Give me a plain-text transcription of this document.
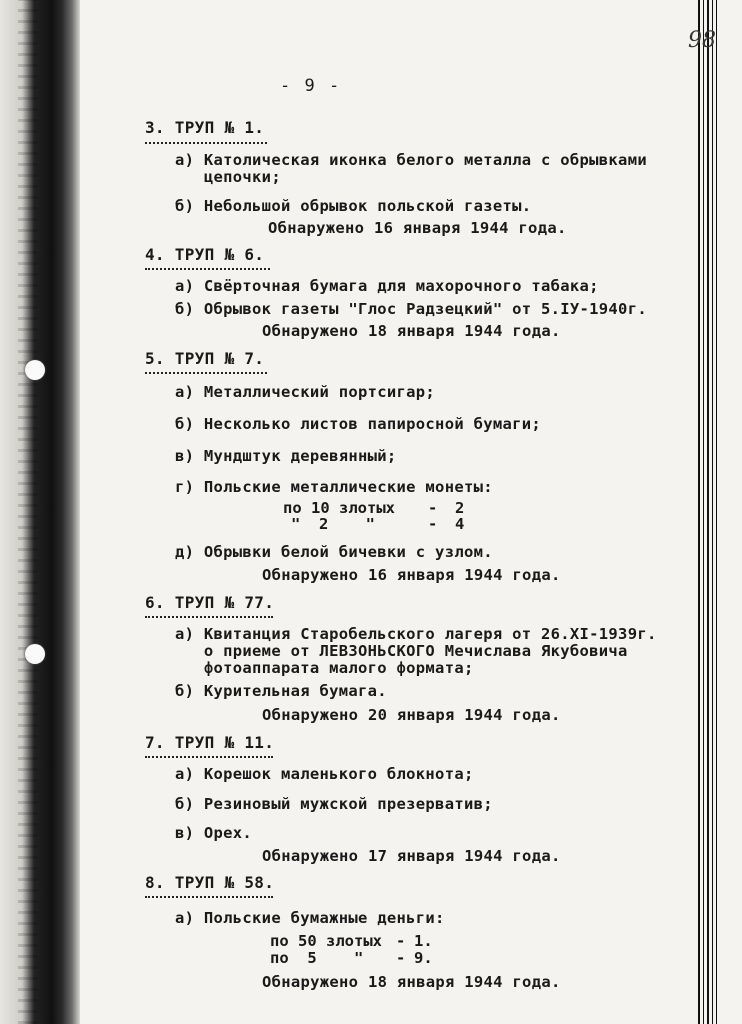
98
- 9 -
3. ТРУП № 1.
а) Католическая иконка белого металла с обрывками
цепочки;
б) Небольшой обрывок польской газеты.
Обнаружено 16 января 1944 года.
4. ТРУП № 6.
а) Свёрточная бумага для махорочного табака;
б) Обрывок газеты "Глос Радзецкий" от 5.IУ-1940г.
Обнаружено 18 января 1944 года.
5. ТРУП № 7.
а) Металлический портсигар;
б) Несколько листов папиросной бумаги;
в) Мундштук деревянный;
г) Польские металлические монеты:
по 10 злотых - 2
"  2    "	- 4
д) Обрывки белой бичевки с узлом.
Обнаружено 16 января 1944 года.
6. ТРУП № 77.
а) Квитанция Старобельского лагеря от 26.XI-1939г.
о приеме от ЛЕВЗОНЬСКОГО Мечислава Якубовича
фотоаппарата малого формата;
б) Курительная бумага.
Обнаружено 20 января 1944 года.
7. ТРУП № 11.
а) Корешок маленького блокнота;
б) Резиновый мужской презерватив;
в) Орех.
Обнаружено 17 января 1944 года.
8. ТРУП № 58.
а) Польские бумажные деньги:
по 50 злотых - 1.
по  5    " - 9.
Обнаружено 18 января 1944 года.
